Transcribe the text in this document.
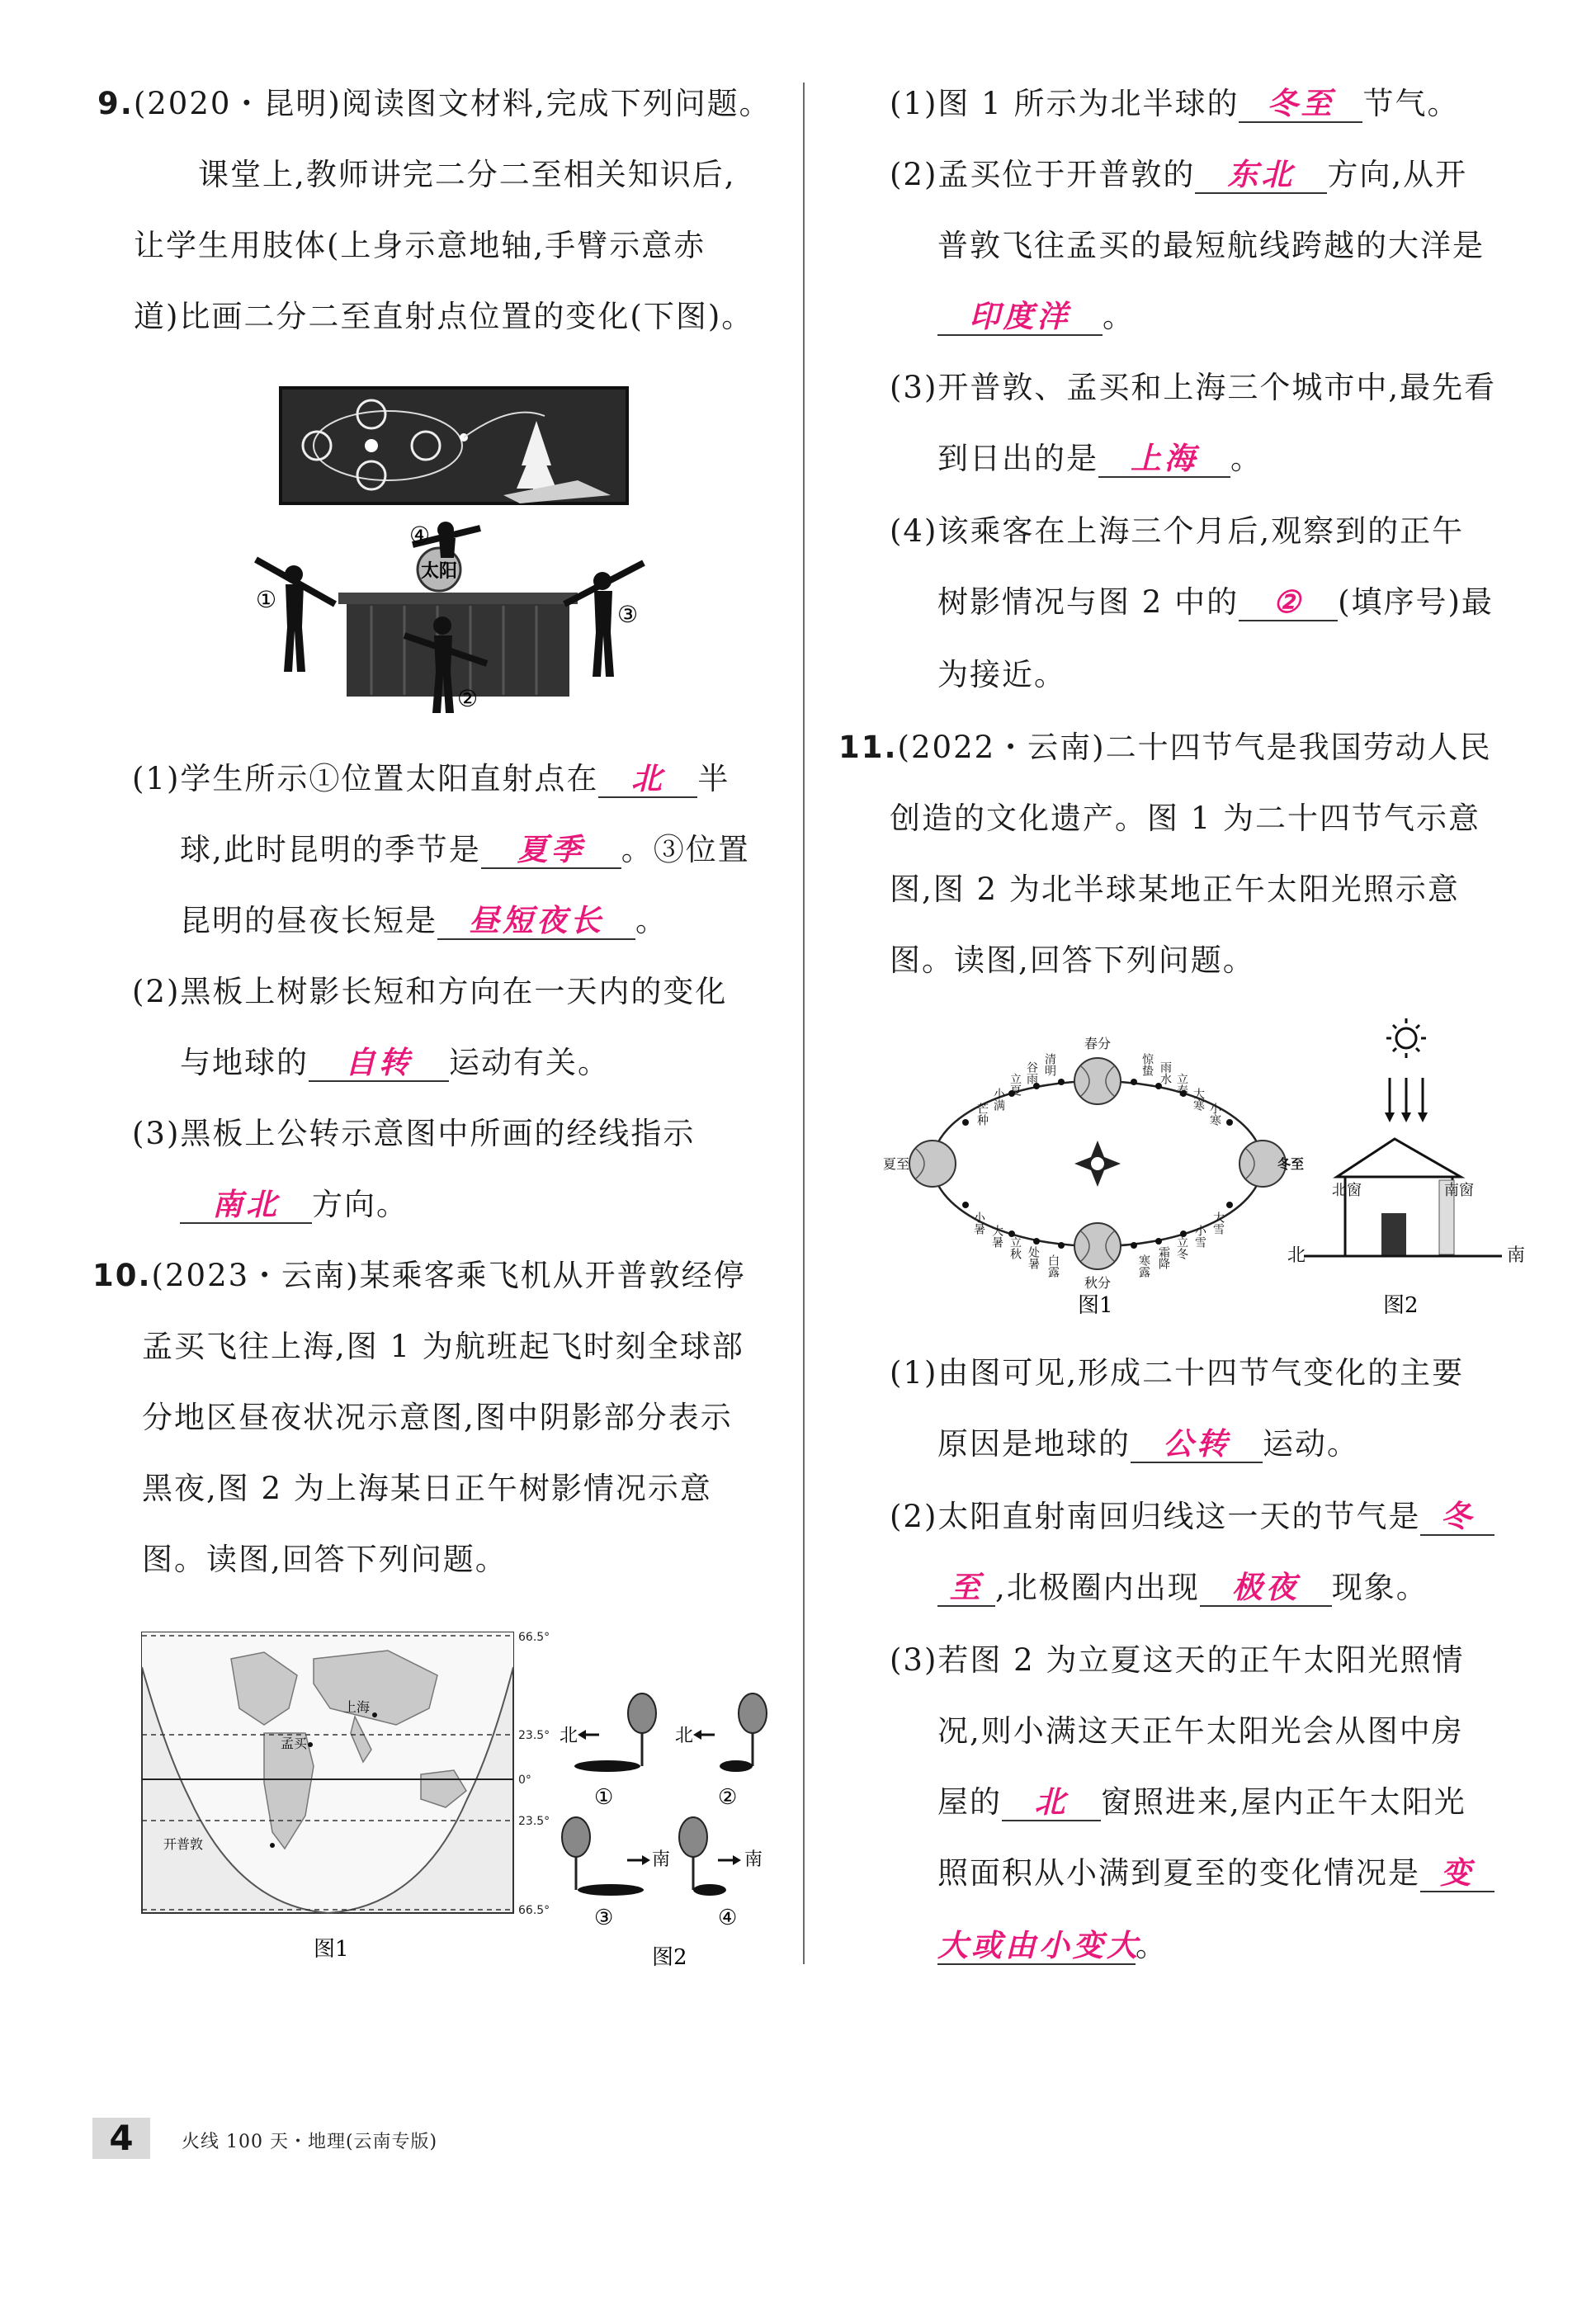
9.(2020・昆明)阅读图文材料,完成下列问题。
课堂上,教师讲完二分二至相关知识后,
让学生用肢体(上身示意地轴,手臂示意赤
道)比画二分二至直射点位置的变化(下图)。
太阳
①
②
③
④
(1)学生所示①位置太阳直射点在 北 半
球,此时昆明的季节是 夏季 。③位置
昆明的昼夜长短是 昼短夜长 。
(2)黑板上树影长短和方向在一天内的变化
与地球的 自转 运动有关。
(3)黑板上公转示意图中所画的经线指示
南北 方向。
10.(2023・云南)某乘客乘飞机从开普敦经停
孟买飞往上海,图 1 为航班起飞时刻全球部
分地区昼夜状况示意图,图中阴影部分表示
黑夜,图 2 为上海某日正午树影情况示意
图。读图,回答下列问题。
66.5°
23.5°
0°
23.5°
66.5°
上海
孟买
开普敦
图1
北	北
南	南
①	②
③	④
图2
(1)图 1 所示为北半球的 冬至 节气。
(2)孟买位于开普敦的 东北 方向,从开
普敦飞往孟买的最短航线跨越的大洋是
印度洋 。
(3)开普敦、孟买和上海三个城市中,最先看
到日出的是 上海 。
(4)该乘客在上海三个月后,观察到的正午
树影情况与图 2 中的 ② (填序号)最
为接近。
11.(2022・云南)二十四节气是我国劳动人民
创造的文化遗产。图 1 为二十四节气示意
图,图 2 为北半球某地正午太阳光照示意
图。读图,回答下列问题。
春分
秋分
夏至	冬至
芒种
小满
立夏 谷雨 清明	惊蛰 雨水 立春
大寒
小寒
小暑
大暑 立秋 处暑 白露	寒露 霜降 立冬 小雪
大雪
图1
北窗	南窗
北	南
图2
(1)由图可见,形成二十四节气变化的主要
原因是地球的 公转 运动。
(2)太阳直射南回归线这一天的节气是 冬
至 ,北极圈内出现 极夜 现象。
(3)若图 2 为立夏这天的正午太阳光照情
况,则小满这天正午太阳光会从图中房
屋的 北 窗照进来,屋内正午太阳光
照面积从小满到夏至的变化情况是 变
大或由小变大。
4	火线 100 天・地理(云南专版)
